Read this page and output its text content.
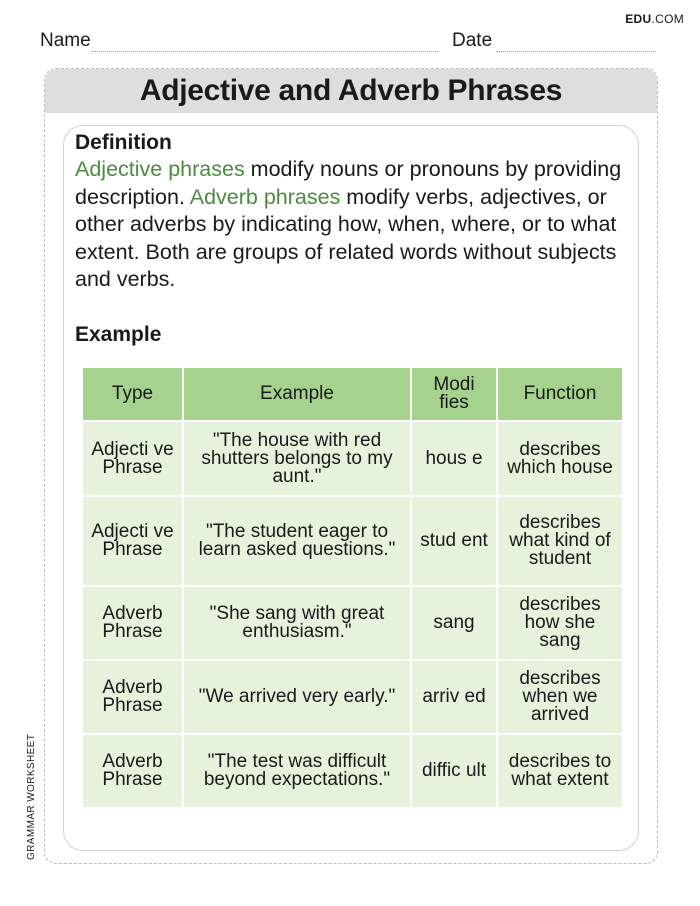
EDU.COM
Name	Date
GRAMMAR WORKSHEET
Adjective and Adverb Phrases
Definition
Adjective phrases modify nouns or pronouns by providing description. Adverb phrases modify verbs, adjectives, or other adverbs by indicating how, when, where, or to what extent. Both are groups of related words without subjects and verbs.
Example
Type	Example	Modi fies	Function
Adjecti ve Phrase	"The house with red shutters belongs to my aunt."	hous e	describes which house
Adjecti ve Phrase	"The student eager to learn asked questions."	stud ent	describes what kind of student
Adverb Phrase	"She sang with great enthusiasm."	sang	describes how she sang
Adverb Phrase	"We arrived very early."	arriv ed	describes when we arrived
Adverb Phrase	"The test was difficult beyond expectations."	diffic ult	describes to what extent
